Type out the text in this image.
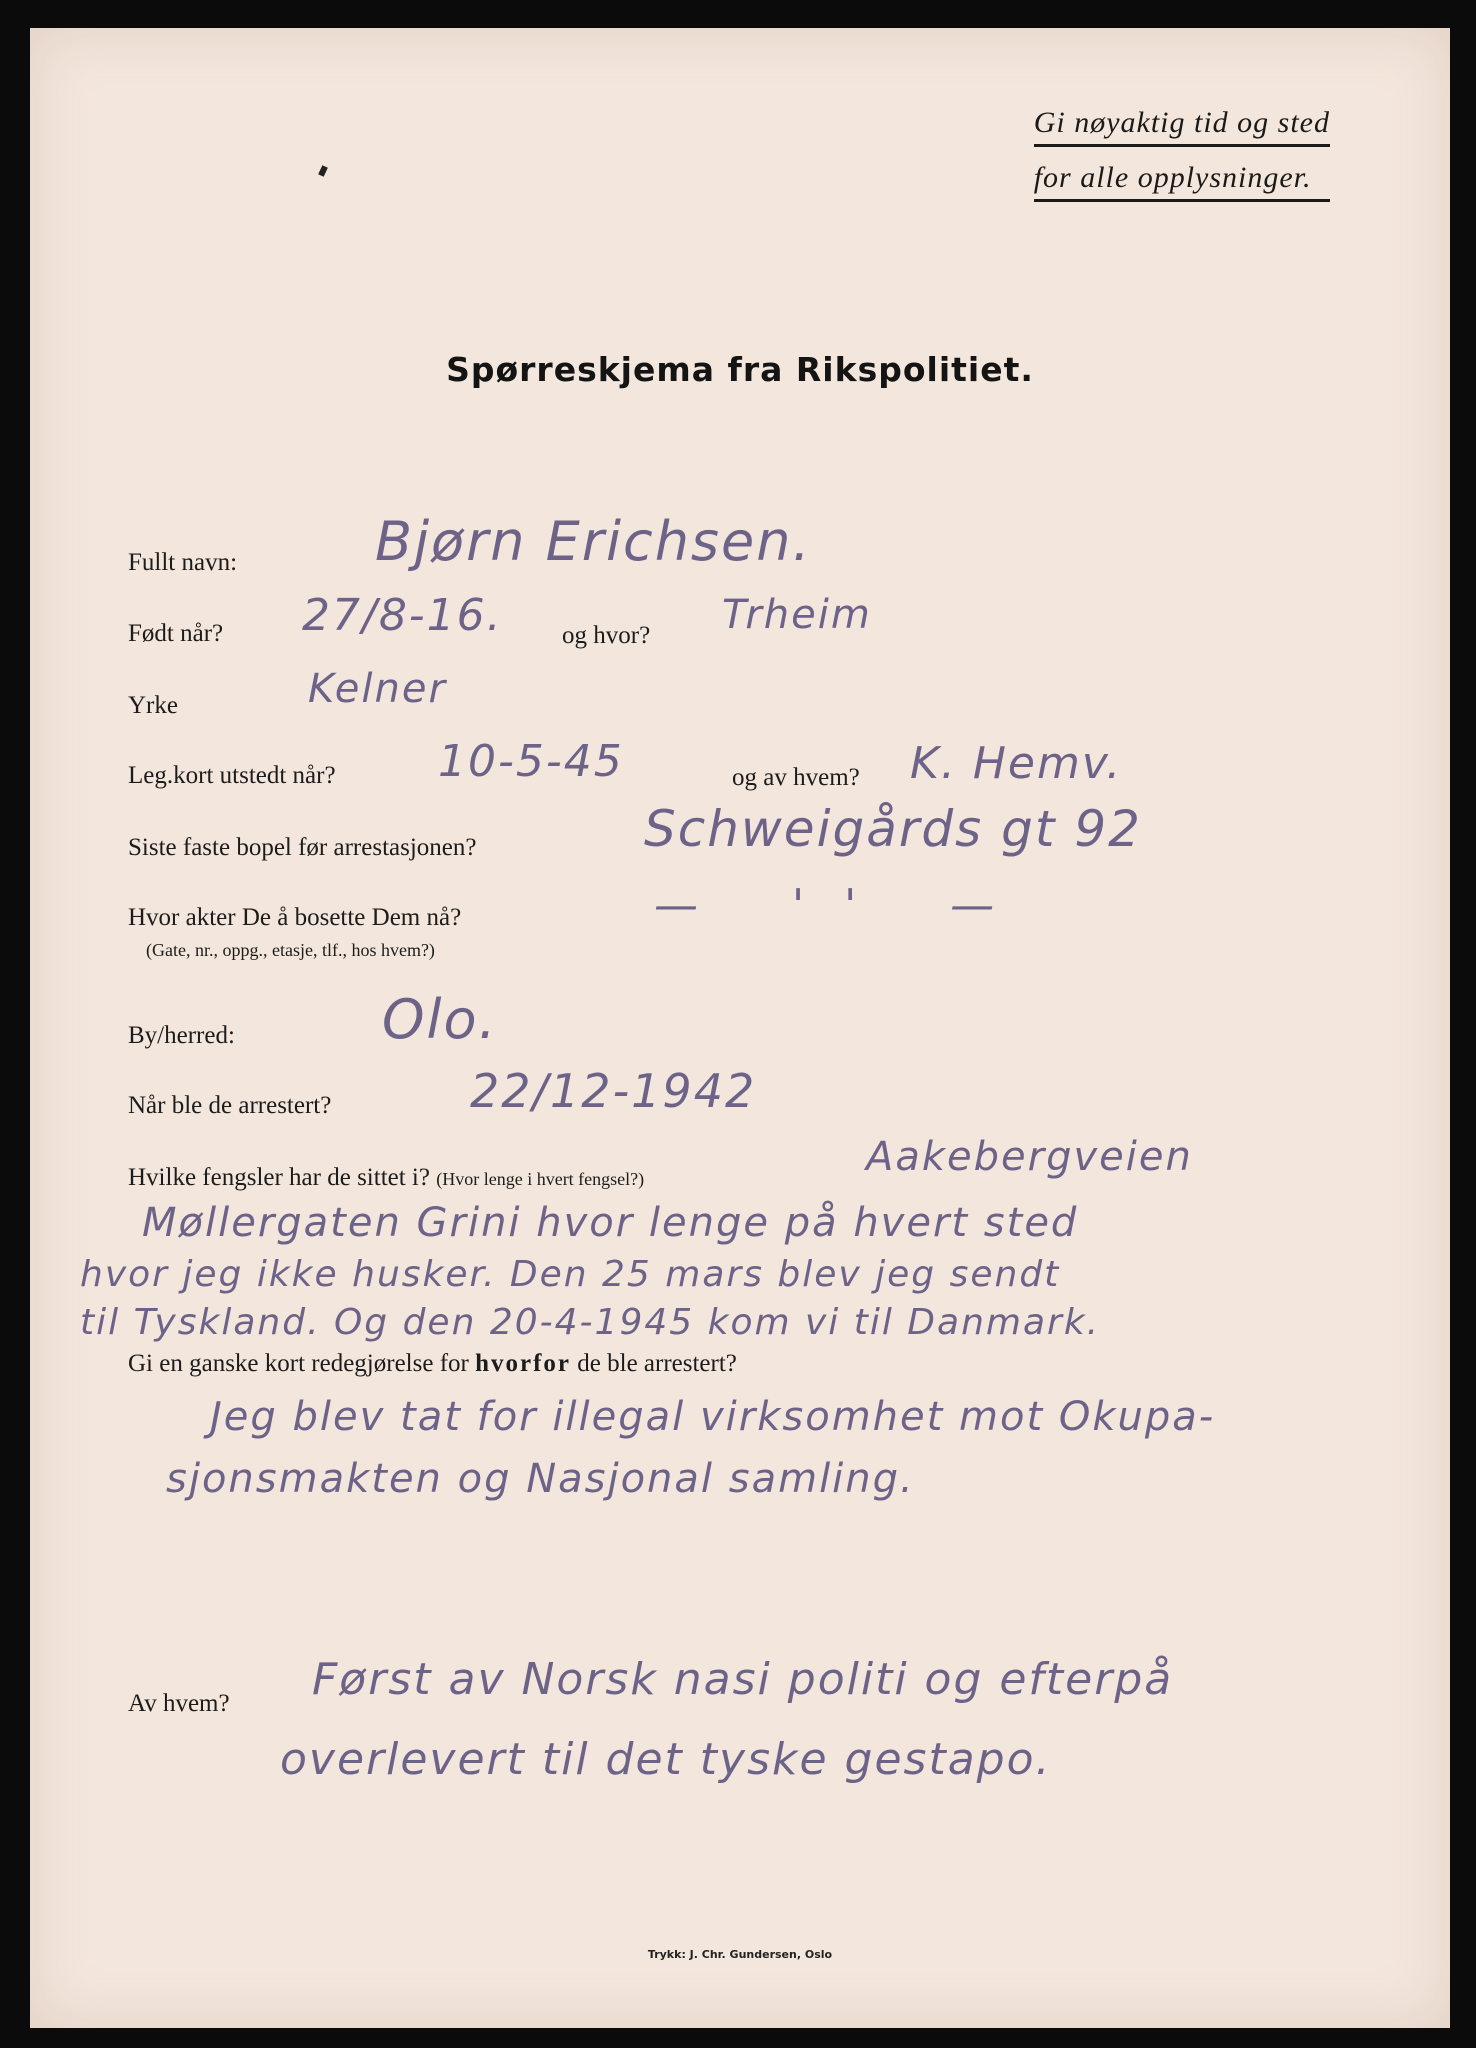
Gi nøyaktig tid og sted
for alle opplysninger.
Spørreskjema fra Rikspolitiet.
Fullt navn:	Bjørn Erichsen.
Født når? 27/8-16. og hvor? Trheim
Yrke	Kelner
Leg.kort utstedt når? 10-5-45	og av hvem? K. Hemv.
Siste faste bopel før arrestasjonen?	Schweigårds gt 92
Hvor akter De å bosette Dem nå?
(Gate, nr., oppg., etasje, tlf., hos hvem?)
— '' —
By/herred:	Olo.
Når ble de arrestert?	22/12-1942
Hvilke fengsler har de sittet i? (Hvor lenge i hvert fengsel?)	Aakebergveien
Møllergaten Grini hvor lenge på hvert sted
hvor jeg ikke husker. Den 25 mars blev jeg sendt
til Tyskland. Og den 20-4-1945 kom vi til Danmark.
Gi en ganske kort redegjørelse for hvorfor de ble arrestert?
Jeg blev tat for illegal virksomhet mot Okupa-
sjonsmakten og Nasjonal samling.
Av hvem? Først av Norsk nasi politi og efterpå
overlevert til det tyske gestapo.
Trykk: J. Chr. Gundersen, Oslo
